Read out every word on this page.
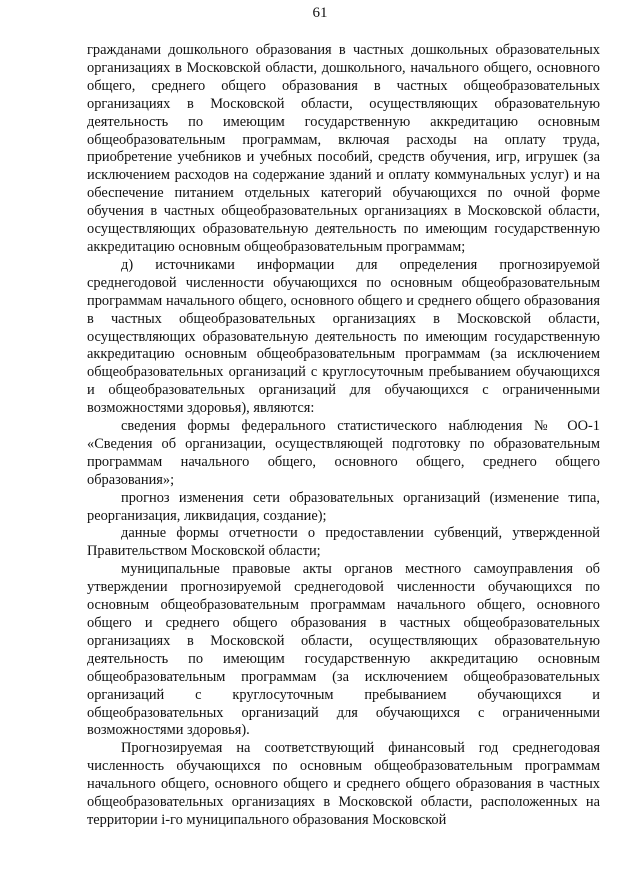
61

гражданами дошкольного образования в частных дошкольных образовательных организациях в Московской области, дошкольного, начального общего, основного общего, среднего общего образования в частных общеобразовательных организациях в Московской области, осуществляющих образовательную деятельность по имеющим государственную аккредитацию основным общеобразовательным программам, включая расходы на оплату труда, приобретение учебников и учебных пособий, средств обучения, игр, игрушек (за исключением расходов на содержание зданий и оплату коммунальных услуг) и на обеспечение питанием отдельных категорий обучающихся по очной форме обучения в частных общеобразовательных организациях в Московской области, осуществляющих образовательную деятельность по имеющим государственную аккредитацию основным общеобразовательным программам;

д) источниками информации для определения прогнозируемой среднегодовой численности обучающихся по основным общеобразовательным программам начального общего, основного общего и среднего общего образования в частных общеобразовательных организациях в Московской области, осуществляющих образовательную деятельность по имеющим государственную аккредитацию основным общеобразовательным программам (за исключением общеобразовательных организаций с круглосуточным пребыванием обучающихся и общеобразовательных организаций для обучающихся с ограниченными возможностями здоровья), являются:

сведения формы федерального статистического наблюдения № ОО-1 «Сведения об организации, осуществляющей подготовку по образовательным программам начального общего, основного общего, среднего общего образования»;

прогноз изменения сети образовательных организаций (изменение типа, реорганизация, ликвидация, создание);

данные формы отчетности о предоставлении субвенций, утвержденной Правительством Московской области;

муниципальные правовые акты органов местного самоуправления об утверждении прогнозируемой среднегодовой численности обучающихся по основным общеобразовательным программам начального общего, основного общего и среднего общего образования в частных общеобразовательных организациях в Московской области, осуществляющих образовательную деятельность по имеющим государственную аккредитацию основным общеобразовательным программам (за исключением общеобразовательных организаций с круглосуточным пребыванием обучающихся и общеобразовательных организаций для обучающихся с ограниченными возможностями здоровья).

Прогнозируемая на соответствующий финансовый год среднегодовая численность обучающихся по основным общеобразовательным программам начального общего, основного общего и среднего общего образования в частных общеобразовательных организациях в Московской области, расположенных на территории i-го муниципального образования Московской
